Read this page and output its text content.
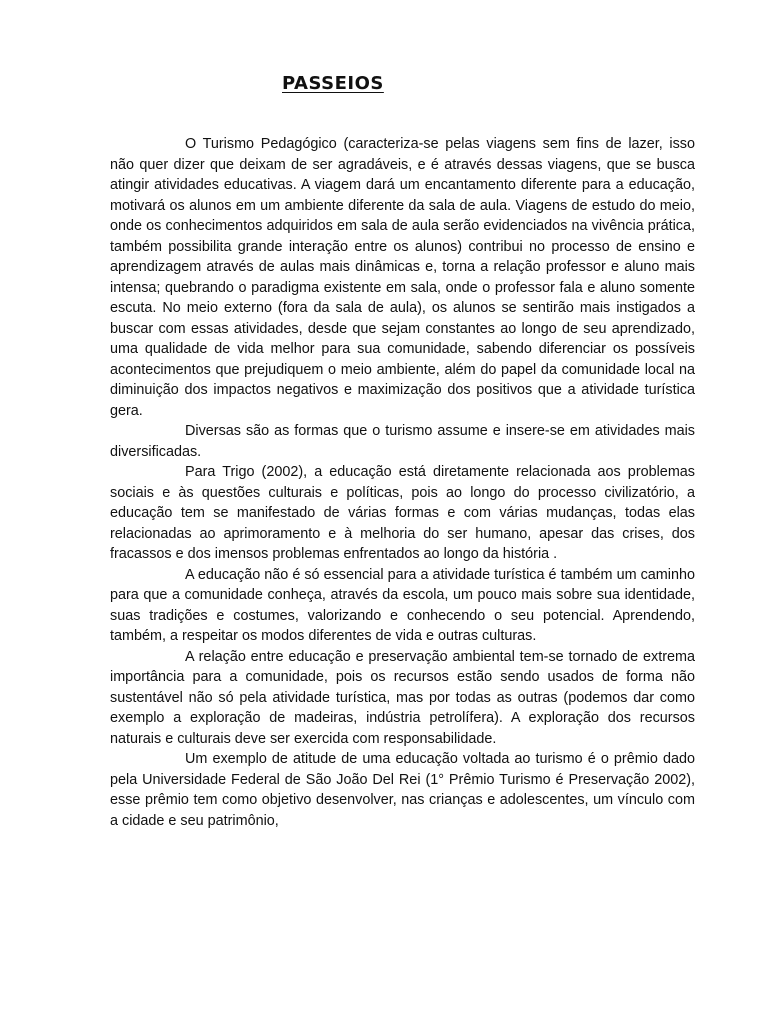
PASSEIOS

O Turismo Pedagógico (caracteriza-se pelas viagens sem fins de lazer, isso não quer dizer que deixam de ser agradáveis, e é através dessas viagens, que se busca atingir atividades educativas. A viagem dará um encantamento diferente para a educação, motivará os alunos em um ambiente diferente da sala de aula. Viagens de estudo do meio, onde os conhecimentos adquiridos em sala de aula serão evidenciados na vivência prática, também possibilita grande interação entre os alunos) contribui no processo de ensino e aprendizagem através de aulas mais dinâmicas e, torna a relação professor e aluno mais intensa; quebrando o paradigma existente em sala, onde o professor fala e aluno somente escuta. No meio externo (fora da sala de aula), os alunos se sentirão mais instigados a buscar com essas atividades, desde que sejam constantes ao longo de seu aprendizado, uma qualidade de vida melhor para sua comunidade, sabendo diferenciar os possíveis acontecimentos que prejudiquem o meio ambiente, além do papel da comunidade local na diminuição dos impactos negativos e maximização dos positivos que a atividade turística gera.

Diversas são as formas que o turismo assume e insere-se em atividades mais diversificadas.

Para Trigo (2002), a educação está diretamente relacionada aos problemas sociais e às questões culturais e políticas, pois ao longo do processo civilizatório, a educação tem se manifestado de várias formas e com várias mudanças, todas elas relacionadas ao aprimoramento e à melhoria do ser humano, apesar das crises, dos fracassos e dos imensos problemas enfrentados ao longo da história .

A educação não é só essencial para a atividade turística é também um caminho para que a comunidade conheça, através da escola, um pouco mais sobre sua identidade, suas tradições e costumes, valorizando e conhecendo o seu potencial. Aprendendo, também, a respeitar os modos diferentes de vida e outras culturas.

A relação entre educação e preservação ambiental tem-se tornado de extrema importância para a comunidade, pois os recursos estão sendo usados de forma não sustentável não só pela atividade turística, mas por todas as outras (podemos dar como exemplo a exploração de madeiras, indústria petrolífera). A exploração dos recursos naturais e culturais deve ser exercida com responsabilidade.

Um exemplo de atitude de uma educação voltada ao turismo é o prêmio dado pela Universidade Federal de São João Del Rei (1° Prêmio Turismo é Preservação 2002), esse prêmio tem como objetivo desenvolver, nas crianças e adolescentes, um vínculo com a cidade e seu patrimônio,
